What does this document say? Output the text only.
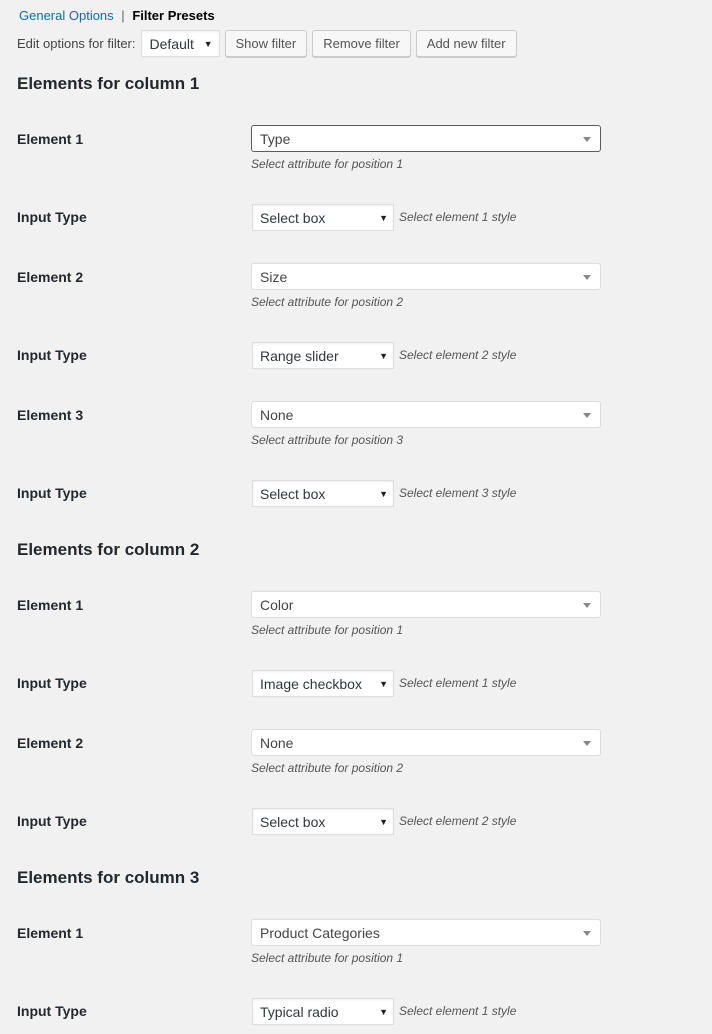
General Options | Filter Presets
Edit options for filter: Default ▼	Show filter	Remove filter	Add new filter
Elements for column 1
Element 1	Type
Select attribute for position 1
Input Type	Select box	▼ Select element 1 style
Element 2	Size
Select attribute for position 2
Input Type	Range slider	▼ Select element 2 style
Element 3	None
Select attribute for position 3
Input Type	Select box	▼ Select element 3 style
Elements for column 2
Element 1	Color
Select attribute for position 1
Input Type	Image checkbox ▼ Select element 1 style
Element 2	None
Select attribute for position 2
Input Type	Select box	▼ Select element 2 style
Elements for column 3
Element 1	Product Categories
Select attribute for position 1
Input Type	Typical radio	▼ Select element 1 style
